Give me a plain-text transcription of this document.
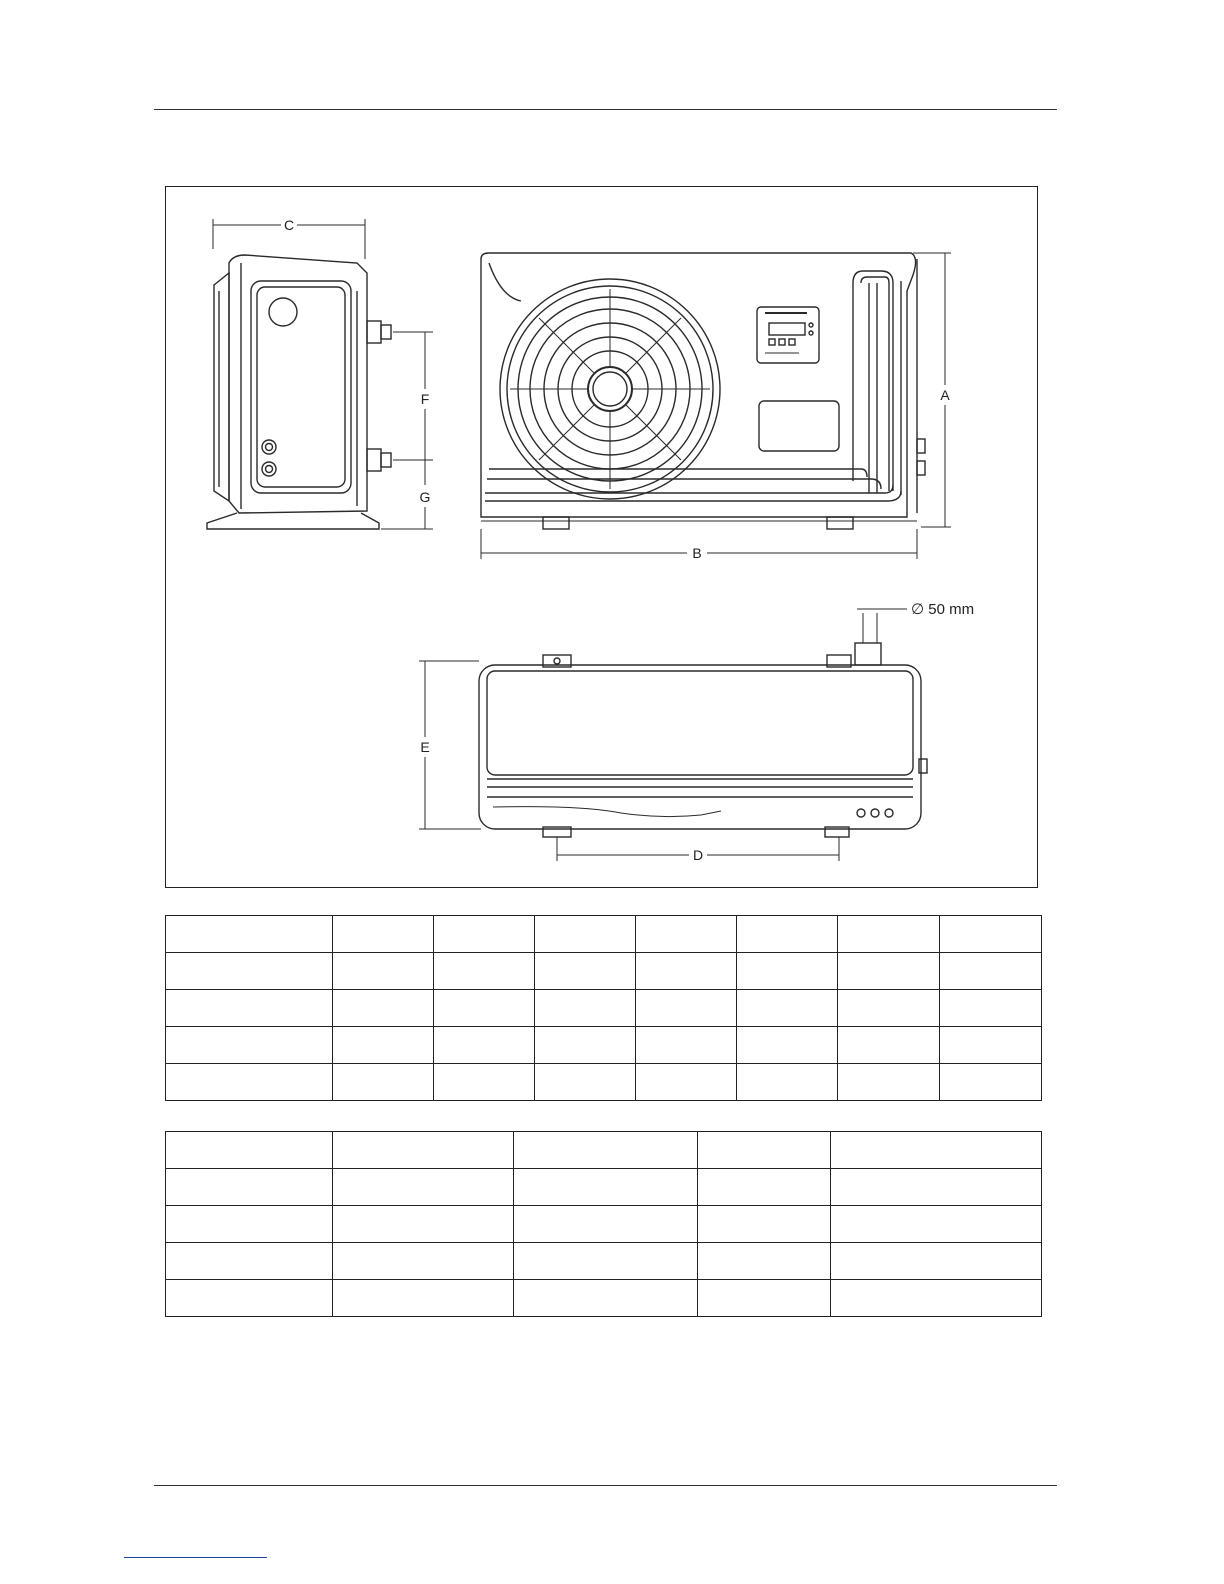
C
F
G
A
B
E
D
∅ 50 mm
